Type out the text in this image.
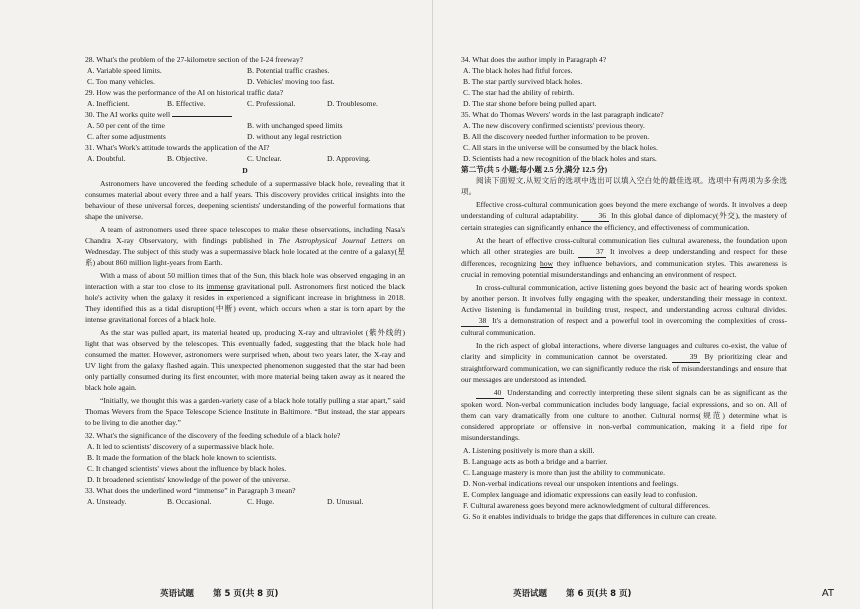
28. What's the problem of the 27-kilometre section of the I-24 freeway?

A. Variable speed limits.	B. Potential traffic crashes.
C. Too many vehicles.	D. Vehicles' moving too fast.

29. How was the performance of the AI on historical traffic data?

A. Inefficient.	B. Effective.	C. Professional.	D. Troublesome.

30. The AI works quite well

A. 50 per cent of the time	B. with unchanged speed limits
C. after some adjustments	D. without any legal restriction

31. What's Work's attitude towards the application of the AI?

A. Doubtful.	B. Objective.	C. Unclear.	D. Approving.
D

Astronomers have uncovered the feeding schedule of a supermassive black hole, revealing that it consumes material about every three and a half years. This discovery provides critical insights into the behaviour of these universal forces, deepening scientists' understanding of the powerful formations that shape the universe.

A team of astronomers used three space telescopes to make these observations, including Nasa's Chandra X-ray Observatory, with findings published in The Astrophysical Journal Letters on Wednesday. The subject of this study was a supermassive black hole located at the centre of a galaxy(星系) about 860 million light-years from Earth.

With a mass of about 50 million times that of the Sun, this black hole was observed engaging in an interaction with a star too close to its immense gravitational pull. Astronomers first noticed the black hole's activity when the galaxy it resides in experienced a significant increase in brightness in 2018. They identified this as a tidal disruption(中断) event, which occurs when a star is torn apart by the intense gravitational forces of a black hole.

As the star was pulled apart, its material heated up, producing X-ray and ultraviolet (紫外线的) light that was observed by the telescopes. This eventually faded, suggesting that the black hole had consumed the matter. However, astronomers were surprised when, about two years later, the X-ray and UV light from the galaxy flashed again. This unexpected phenomenon suggested that the star had been only partially consumed during its first encounter, with more material being taken away as it neared the black hole again.

“Initially, we thought this was a garden-variety case of a black hole totally pulling a star apart,” said Thomas Wevers from the Space Telescope Science Institute in Baltimore. “But instead, the star appears to be living to die another day.”

32. What's the significance of the discovery of the feeding schedule of a black hole?

A. It led to scientists' discovery of a supermassive black hole.
B. It made the formation of the black hole known to scientists.
C. It changed scientists' views about the influence by black holes.
D. It broadened scientists' knowledge of the power of the universe.

33. What does the underlined word “immense” in Paragraph 3 mean?

A. Unsteady.	B. Occasional.	C. Huge.	D. Unusual.
英语试题 第 5 页(共 8 页)

34. What does the author imply in Paragraph 4?

A. The black holes had fitful forces.
B. The star partly survived black holes.
C. The star had the ability of rebirth.
D. The star shone before being pulled apart.

35. What do Thomas Wevers' words in the last paragraph indicate?

A. The new discovery confirmed scientists' previous theory.
B. All the discovery needed further information to be proven.
C. All stars in the universe will be consumed by the black holes.
D. Scientists had a new recognition of the black holes and stars.

第二节(共 5 小题;每小题 2.5 分,满分 12.5 分)

阅读下面短文,从短文后的选项中选出可以填入空白处的最佳选项。选项中有两项为多余选项。

Effective cross-cultural communication goes beyond the mere exchange of words. It involves a deep understanding of cultural adaptability. 36 In this global dance of diplomacy(外交), the mastery of certain strategies can significantly enhance the efficiency, and effectiveness of communication.

At the heart of effective cross-cultural communication lies cultural awareness, the foundation upon which all other strategies are built. 37 It involves a deep understanding and respect for these differences, recognizing how they influence behaviors, and communication styles. This awareness is crucial in removing potential misunderstandings and enhancing an environment of respect.

In cross-cultural communication, active listening goes beyond the basic act of hearing words spoken by another person. It involves fully engaging with the speaker, understanding their message in context. Active listening is fundamental in building trust, respect, and understanding across cultural divides. 38 It's a demonstration of respect and a powerful tool in overcoming the complexities of cross-cultural communication.

In the rich aspect of global interactions, where diverse languages and cultures co-exist, the value of clarity and simplicity in communication cannot be overstated. 39 By prioritizing clear and straightforward communication, we can significantly reduce the risk of misunderstandings and ensure that our messages are understood as intended.

40 Understanding and correctly interpreting these silent signals can be as significant as the spoken word. Non-verbal communication includes body language, facial expressions, and so on. All of them can vary dramatically from one culture to another. Cultural norms(规范) determine what is considered appropriate or offensive in non-verbal communication, making it a field ripe for misunderstandings.

A. Listening positively is more than a skill.
B. Language acts as both a bridge and a barrier.
C. Language mastery is more than just the ability to communicate.
D. Non-verbal indications reveal our unspoken intentions and feelings.
E. Complex language and idiomatic expressions can easily lead to confusion.
F. Cultural awareness goes beyond mere acknowledgment of cultural differences.
G. So it enables individuals to bridge the gaps that differences in culture can create.
英语试题 第 6 页(共 8 页)	AT
